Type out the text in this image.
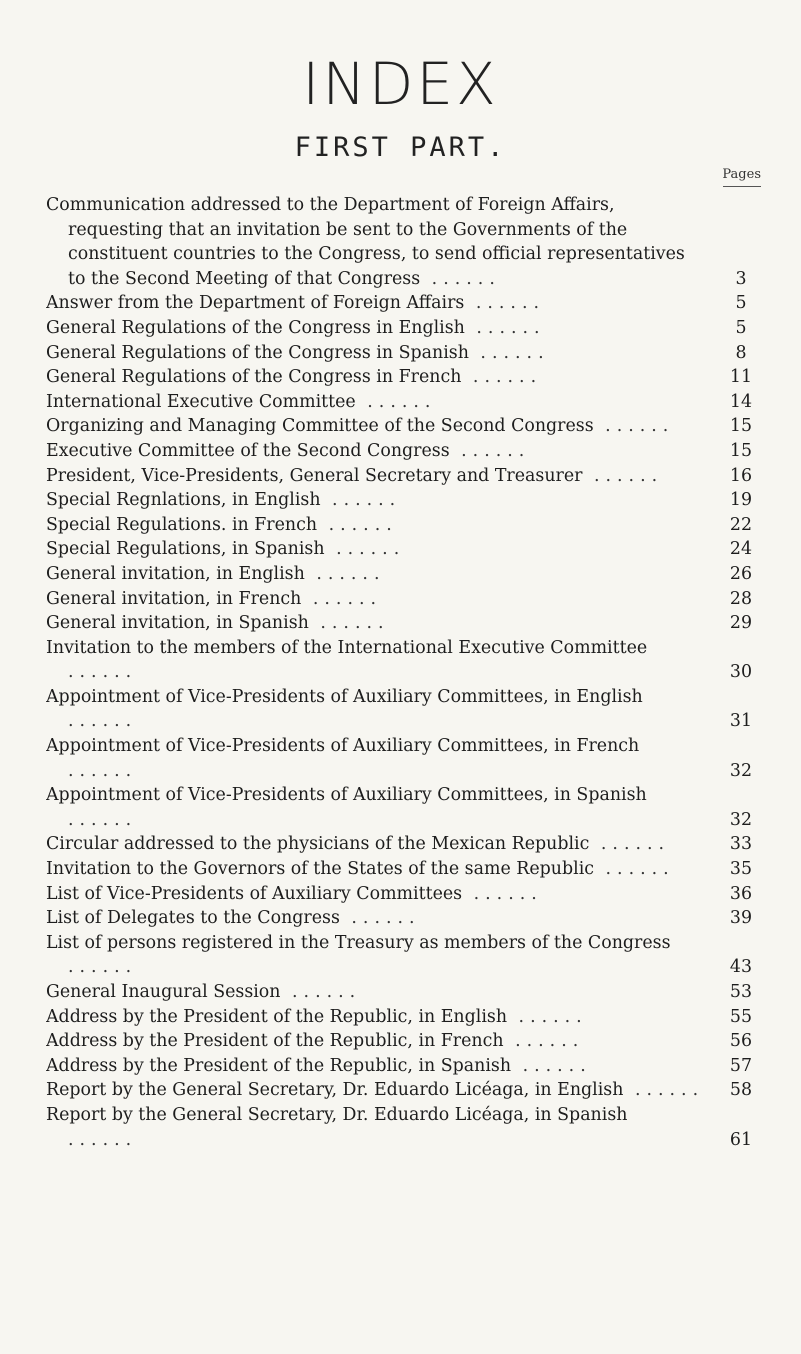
INDEX
FIRST PART.
Pages
Communication addressed to the Department of Foreign Affairs, requesting that an invitation be sent to the Governments of the constituent countries to the Congress, to send official representatives to the Second Meeting of that Congress ......	3
Answer from the Department of Foreign Affairs ......	5
General Regulations of the Congress in English ......	5
General Regulations of the Congress in Spanish ......	8
General Regulations of the Congress in French ......	11
International Executive Committee ......	14
Organizing and Managing Committee of the Second Congress ......	15
Executive Committee of the Second Congress ......	15
President, Vice-Presidents, General Secretary and Treasurer ......	16
Special Regnlations, in English ......	19
Special Regulations. in French ......	22
Special Regulations, in Spanish ......	24
General invitation, in English ......	26
General invitation, in French ......	28
General invitation, in Spanish ......	29
Invitation to the members of the International Executive Committee ......	30
Appointment of Vice-Presidents of Auxiliary Committees, in English ......	31
Appointment of Vice-Presidents of Auxiliary Committees, in French ......	32
Appointment of Vice-Presidents of Auxiliary Committees, in Spanish ......	32
Circular addressed to the physicians of the Mexican Republic ......	33
Invitation to the Governors of the States of the same Republic ......	35
List of Vice-Presidents of Auxiliary Committees ......	36
List of Delegates to the Congress ......	39
List of persons registered in the Treasury as members of the Congress ......	43
General Inaugural Session ......	53
Address by the President of the Republic, in English ......	55
Address by the President of the Republic, in French ......	56
Address by the President of the Republic, in Spanish ......	57
Report by the General Secretary, Dr. Eduardo Licéaga, in English ......	58
Report by the General Secretary, Dr. Eduardo Licéaga, in Spanish ......	61
